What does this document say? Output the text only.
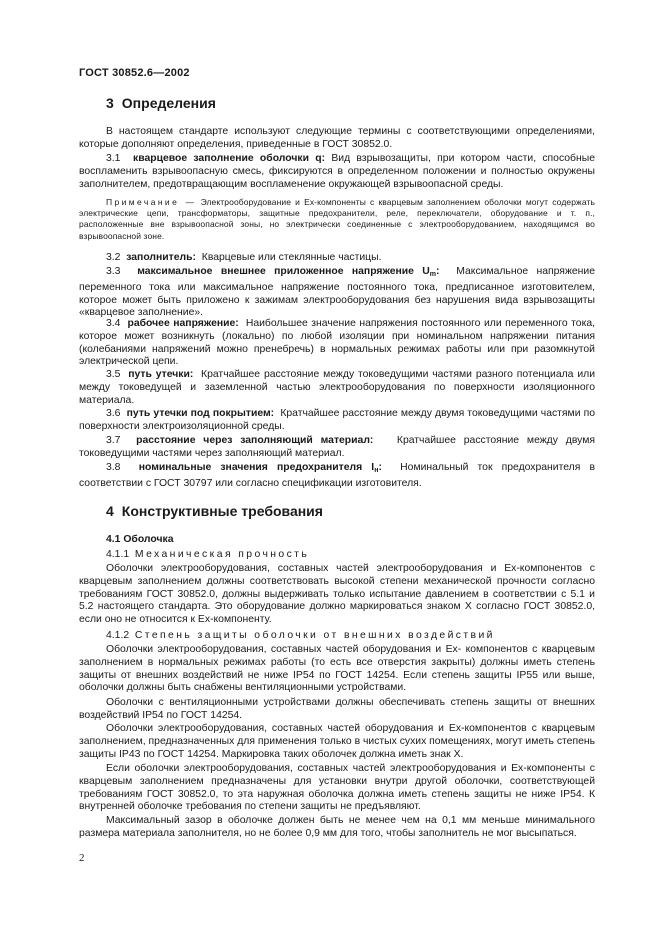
ГОСТ 30852.6—2002
3 Определения
В настоящем стандарте используют следующие термины с соответствующими определениями, которые дополняют определения, приведенные в ГОСТ 30852.0.
3.1 кварцевое заполнение оболочки q: Вид взрывозащиты, при котором части, способные воспламенить взрывоопасную смесь, фиксируются в определенном положении и полностью окружены заполнителем, предотвращающим воспламенение окружающей взрывоопасной среды.
Примечание — Электрооборудование и Ех-компоненты с кварцевым заполнением оболочки могут содержать электрические цепи, трансформаторы, защитные предохранители, реле, переключатели, оборудование и т. п., расположенные вне взрывоопасной зоны, но электрически соединенные с электрооборудованием, находящимся во взрывоопасной зоне.
3.2 заполнитель: Кварцевые или стеклянные частицы.
3.3 максимальное внешнее приложенное напряжение $U_m$: Максимальное напряжение переменного тока или максимальное напряжение постоянного тока, предписанное изготовителем, которое может быть приложено к зажимам электрооборудования без нарушения вида взрывозащиты «кварцевое заполнение».
3.4 рабочее напряжение: Наибольшее значение напряжения постоянного или переменного тока, которое может возникнуть (локально) по любой изоляции при номинальном напряжении питания (колебаниями напряжений можно пренебречь) в нормальных режимах работы или при разомкнутой электрической цепи.
3.5 путь утечки: Кратчайшее расстояние между токоведущими частями разного потенциала или между токоведущей и заземленной частью электрооборудования по поверхности изоляционного материала.
3.6 путь утечки под покрытием: Кратчайшее расстояние между двумя токоведущими частями по поверхности электроизоляционной среды.
3.7 расстояние через заполняющий материал: Кратчайшее расстояние между двумя токоведущими частями через заполняющий материал.
3.8 номинальные значения предохранителя $I_н$: Номинальный ток предохранителя в соответствии с ГОСТ 30797 или согласно спецификации изготовителя.
4 Конструктивные требования
4.1 Оболочка
4.1.1 Механическая прочность
Оболочки электрооборудования, составных частей электрооборудования и Ех-компонентов с кварцевым заполнением должны соответствовать высокой степени механической прочности согласно требованиям ГОСТ 30852.0, должны выдерживать только испытание давлением в соответствии с 5.1 и 5.2 настоящего стандарта. Это оборудование должно маркироваться знаком X согласно ГОСТ 30852.0, если оно не относится к Ех-компоненту.
4.1.2 Степень защиты оболочки от внешних воздействий
Оболочки электрооборудования, составных частей оборудования и Ех- компонентов с кварцевым заполнением в нормальных режимах работы (то есть все отверстия закрыты) должны иметь степень защиты от внешних воздействий не ниже IP54 по ГОСТ 14254. Если степень защиты IP55 или выше, оболочки должны быть снабжены вентиляционными устройствами.
Оболочки с вентиляционными устройствами должны обеспечивать степень защиты от внешних воздействий IP54 по ГОСТ 14254.
Оболочки электрооборудования, составных частей оборудования и Ех-компонентов с кварцевым заполнением, предназначенных для применения только в чистых сухих помещениях, могут иметь степень защиты IP43 по ГОСТ 14254. Маркировка таких оболочек должна иметь знак X.
Если оболочки электрооборудования, составных частей электрооборудования и Ех-компоненты с кварцевым заполнением предназначены для установки внутри другой оболочки, соответствующей требованиям ГОСТ 30852.0, то эта наружная оболочка должна иметь степень защиты не ниже IP54. К внутренней оболочке требования по степени защиты не предъявляют.
Максимальный зазор в оболочке должен быть не менее чем на 0,1 мм меньше минимального размера материала заполнителя, но не более 0,9 мм для того, чтобы заполнитель не мог высыпаться.
2
